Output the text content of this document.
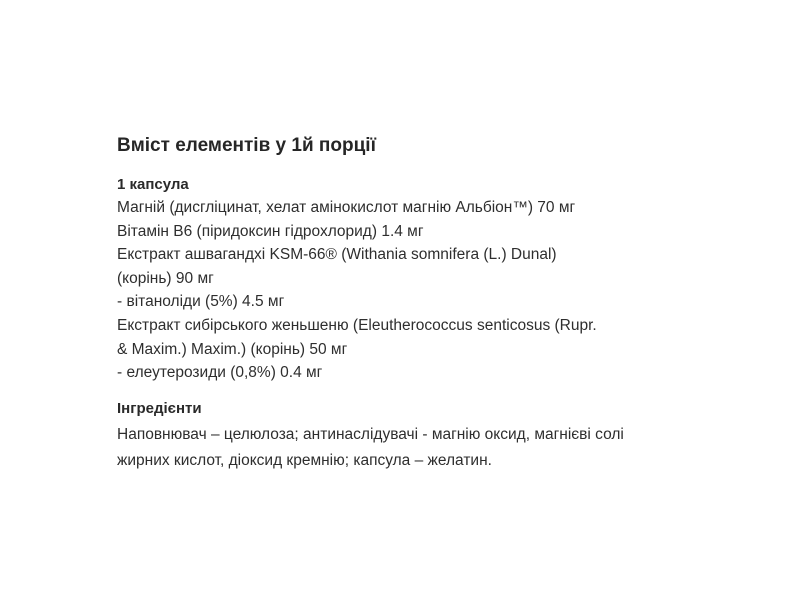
Вміст елементів у 1й порції
1 капсула
Магній (дисгліцинат, хелат амінокислот магнію Альбіон™) 70 мг
Вітамін B6 (піридоксин гідрохлорид) 1.4 мг
Екстракт ашвагандхі KSM-66® (Withania somnifera (L.) Dunal)
(корінь) 90 мг
- вітаноліди (5%) 4.5 мг
Екстракт сибірського женьшеню (Eleutherococcus senticosus (Rupr.
& Maxim.) Maxim.) (корінь) 50 мг
- елеутерозиди (0,8%) 0.4 мг
Інгредієнти
Наповнювач – целюлоза; антинаслідувачі - магнію оксид, магнієві солі
жирних кислот, діоксид кремнію; капсула – желатин.
